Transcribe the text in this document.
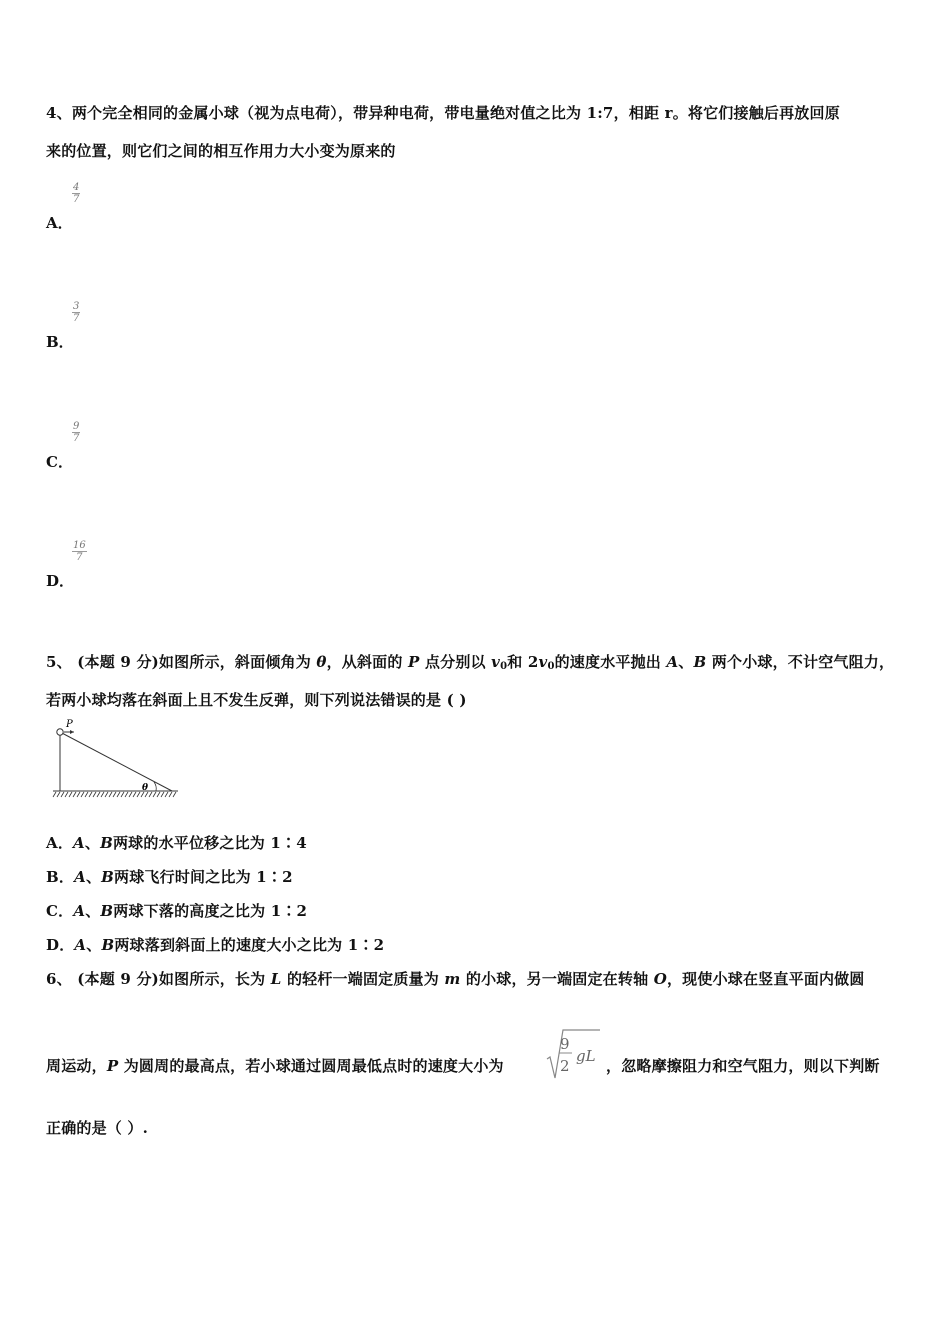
4、两个完全相同的金属小球（视为点电荷），带异种电荷，带电量绝对值之比为 1:7，相距 r。将它们接触后再放回原
来的位置，则它们之间的相互作用力大小变为原来的
$\frac{4}{7}$
A．
$\frac{3}{7}$
B．
$\frac{9}{7}$
C．
$\frac{16}{7}$
D．
5、 (本题 9 分)如图所示，斜面倾角为 θ，从斜面的 P 点分别以 $v_0$和 $2v_0$的速度水平抛出 A、B 两个小球，不计空气阻力，
若两小球均落在斜面上且不发生反弹，则下列说法错误的是 ( )
P
θ
A．A、B两球的水平位移之比为 1∶4
B．A、B两球飞行时间之比为 1∶2
C．A、B两球下落的高度之比为 1∶2
D．A、B两球落到斜面上的速度大小之比为 1∶2
6、 (本题 9 分)如图所示，长为 L 的轻杆一端固定质量为 m 的小球，另一端固定在转轴 O，现使小球在竖直平面内做圆
周运动，P 为圆周的最高点，若小球通过圆周最低点时的速度大小为
9
2
gL
，忽略摩擦阻力和空气阻力，则以下判断
正确的是（ ）.
